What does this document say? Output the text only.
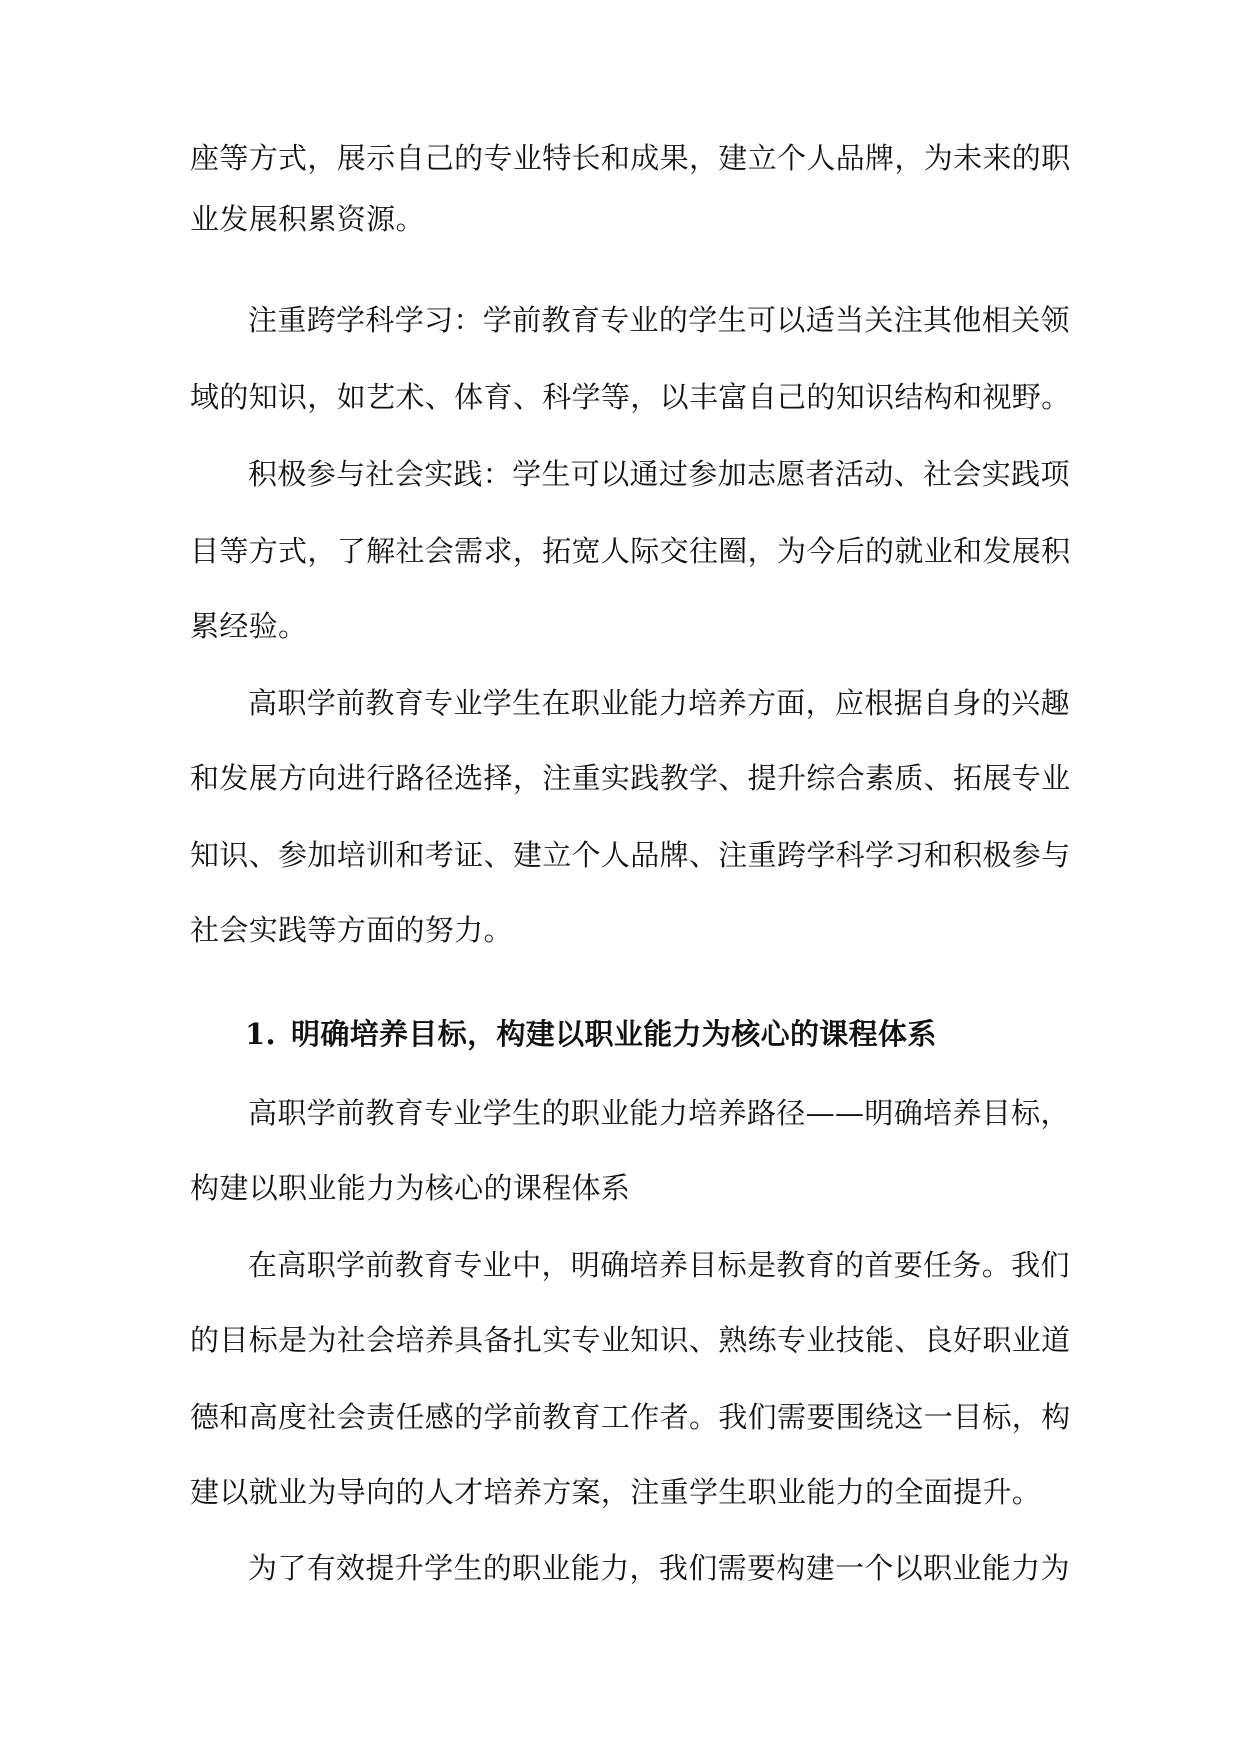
座等方式，展示自己的专业特长和成果，建立个人品牌，为未来的职
业发展积累资源。
注重跨学科学习：学前教育专业的学生可以适当关注其他相关领
域的知识，如艺术、体育、科学等，以丰富自己的知识结构和视野。
积极参与社会实践：学生可以通过参加志愿者活动、社会实践项
目等方式，了解社会需求，拓宽人际交往圈，为今后的就业和发展积
累经验。
高职学前教育专业学生在职业能力培养方面，应根据自身的兴趣
和发展方向进行路径选择，注重实践教学、提升综合素质、拓展专业
知识、参加培训和考证、建立个人品牌、注重跨学科学习和积极参与
社会实践等方面的努力。
1. 明确培养目标，构建以职业能力为核心的课程体系
高职学前教育专业学生的职业能力培养路径——明确培养目标，
构建以职业能力为核心的课程体系
在高职学前教育专业中，明确培养目标是教育的首要任务。我们
的目标是为社会培养具备扎实专业知识、熟练专业技能、良好职业道
德和高度社会责任感的学前教育工作者。我们需要围绕这一目标，构
建以就业为导向的人才培养方案，注重学生职业能力的全面提升。
为了有效提升学生的职业能力，我们需要构建一个以职业能力为
